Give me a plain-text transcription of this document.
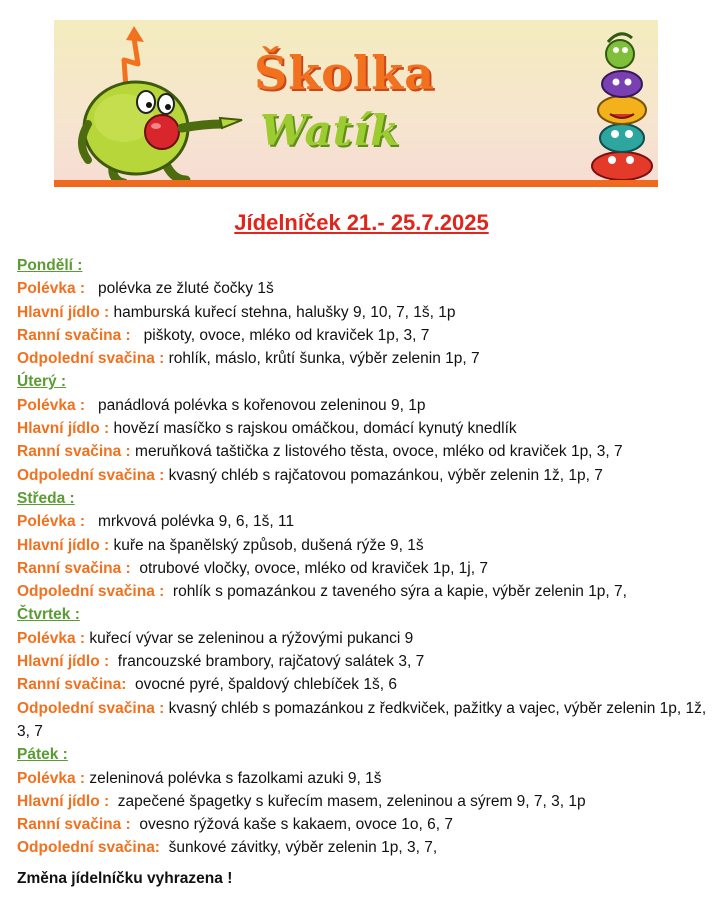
Školka
Watík
Jídelníček 21.- 25.7.2025
Pondělí :
Polévka : polévka ze žluté čočky 1š
Hlavní jídlo : hamburská kuřecí stehna, halušky 9, 10, 7, 1š, 1p
Ranní svačina : piškoty, ovoce, mléko od kraviček 1p, 3, 7
Odpolední svačina : rohlík, máslo, krůtí šunka, výběr zelenin 1p, 7
Úterý :
Polévka : panádlová polévka s kořenovou zeleninou 9, 1p
Hlavní jídlo : hovězí masíčko s rajskou omáčkou, domácí kynutý knedlík
Ranní svačina : meruňková taštička z listového těsta, ovoce, mléko od kraviček 1p, 3, 7
Odpolední svačina : kvasný chléb s rajčatovou pomazánkou, výběr zelenin 1ž, 1p, 7
Středa :
Polévka : mrkvová polévka 9, 6, 1š, 11
Hlavní jídlo : kuře na španělský způsob, dušená rýže 9, 1š
Ranní svačina : otrubové vločky, ovoce, mléko od kraviček 1p, 1j, 7
Odpolední svačina : rohlík s pomazánkou z taveného sýra a kapie, výběr zelenin 1p, 7,
Čtvrtek :
Polévka : kuřecí vývar se zeleninou a rýžovými pukanci 9
Hlavní jídlo : francouzské brambory, rajčatový salátek 3, 7
Ranní svačina: ovocné pyré, špaldový chlebíček 1š, 6
Odpolední svačina : kvasný chléb s pomazánkou z ředkviček, pažitky a vajec, výběr zelenin 1p, 1ž, 3, 7
Pátek :
Polévka : zeleninová polévka s fazolkami azuki 9, 1š
Hlavní jídlo : zapečené špagetky s kuřecím masem, zeleninou a sýrem 9, 7, 3, 1p
Ranní svačina : ovesno rýžová kaše s kakaem, ovoce 1o, 6, 7
Odpolední svačina: šunkové závitky, výběr zelenin 1p, 3, 7,
Změna jídelníčku vyhrazena !
